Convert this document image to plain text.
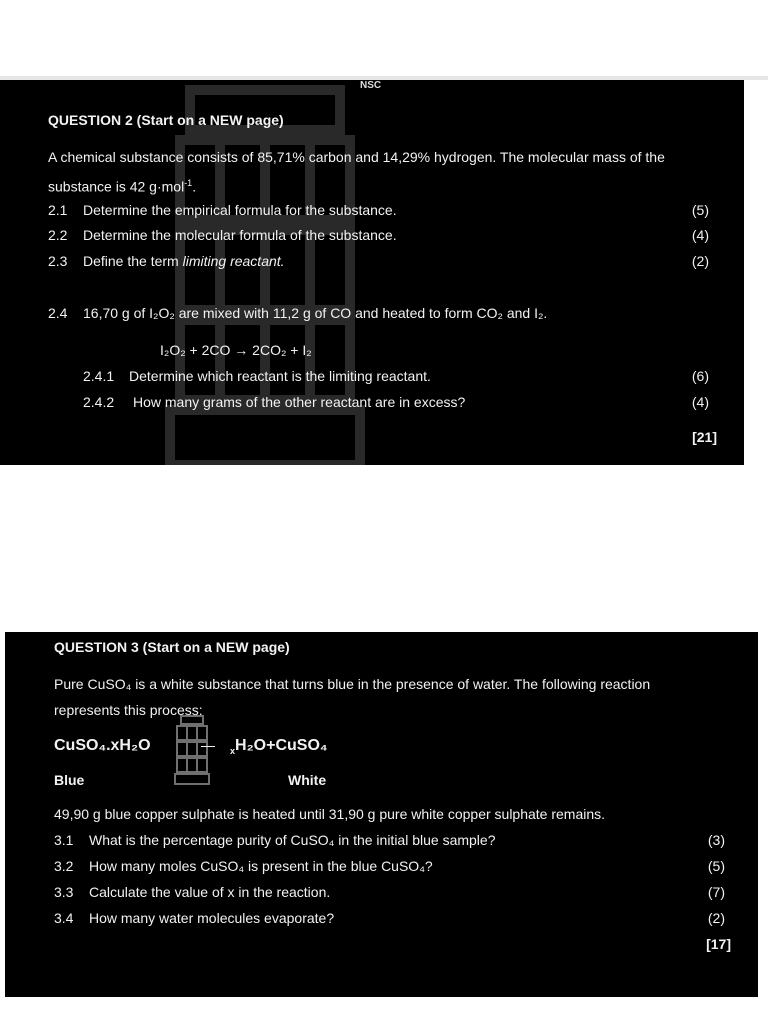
NSC
QUESTION 2 (Start on a NEW page)
A chemical substance consists of 85,71% carbon and 14,29% hydrogen. The molecular mass of the
substance is 42 g·mol$^{-1}$.
2.1 Determine the empirical formula for the substance.	(5)
2.2 Determine the molecular formula of the substance.	(4)
2.3 Define the term limiting reactant.	(2)
2.4 16,70 g of I₂O₂ are mixed with 11,2 g of CO and heated to form CO₂ and I₂.
I₂O₂ + 2CO → 2CO₂ + I₂
2.4.1 Determine which reactant is the limiting reactant.	(6)
2.4.2 How many grams of the other reactant are in excess?	(4)
[21]
QUESTION 3 (Start on a NEW page)
Pure CuSO₄ is a white substance that turns blue in the presence of water. The following reaction
represents this process:
CuSO₄.xH₂O	$_x$H₂O+CuSO₄
Blue	White
49,90 g blue copper sulphate is heated until 31,90 g pure white copper sulphate remains.
3.1 What is the percentage purity of CuSO₄ in the initial blue sample?	(3)
3.2 How many moles CuSO₄ is present in the blue CuSO₄?	(5)
3.3 Calculate the value of x in the reaction.	(7)
3.4 How many water molecules evaporate?	(2)
[17]
